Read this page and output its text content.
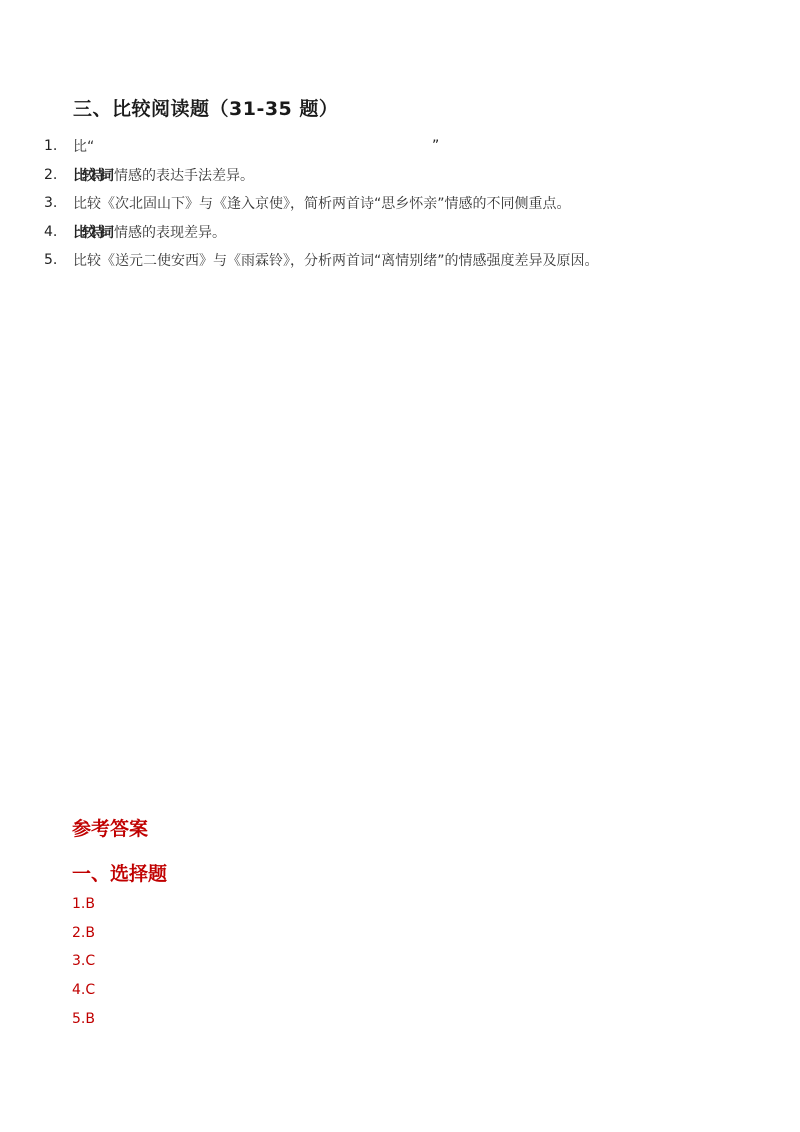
三、比较阅读题（31-35 题）
1.	比“	”
2.	比较诗词 情感的表达手法差异。
3.	比较《次北固山下》与《逢入京使》，简析两首诗“思乡怀亲”情感的不同侧重点。
4.	比较诗词 情感的表现差异。
5.	比较《送元二使安西》与《雨霖铃》，分析两首词“离情别绪”的情感强度差异及原因。
参考答案
一、选择题
1.B
2.B
3.C
4.C
5.B
